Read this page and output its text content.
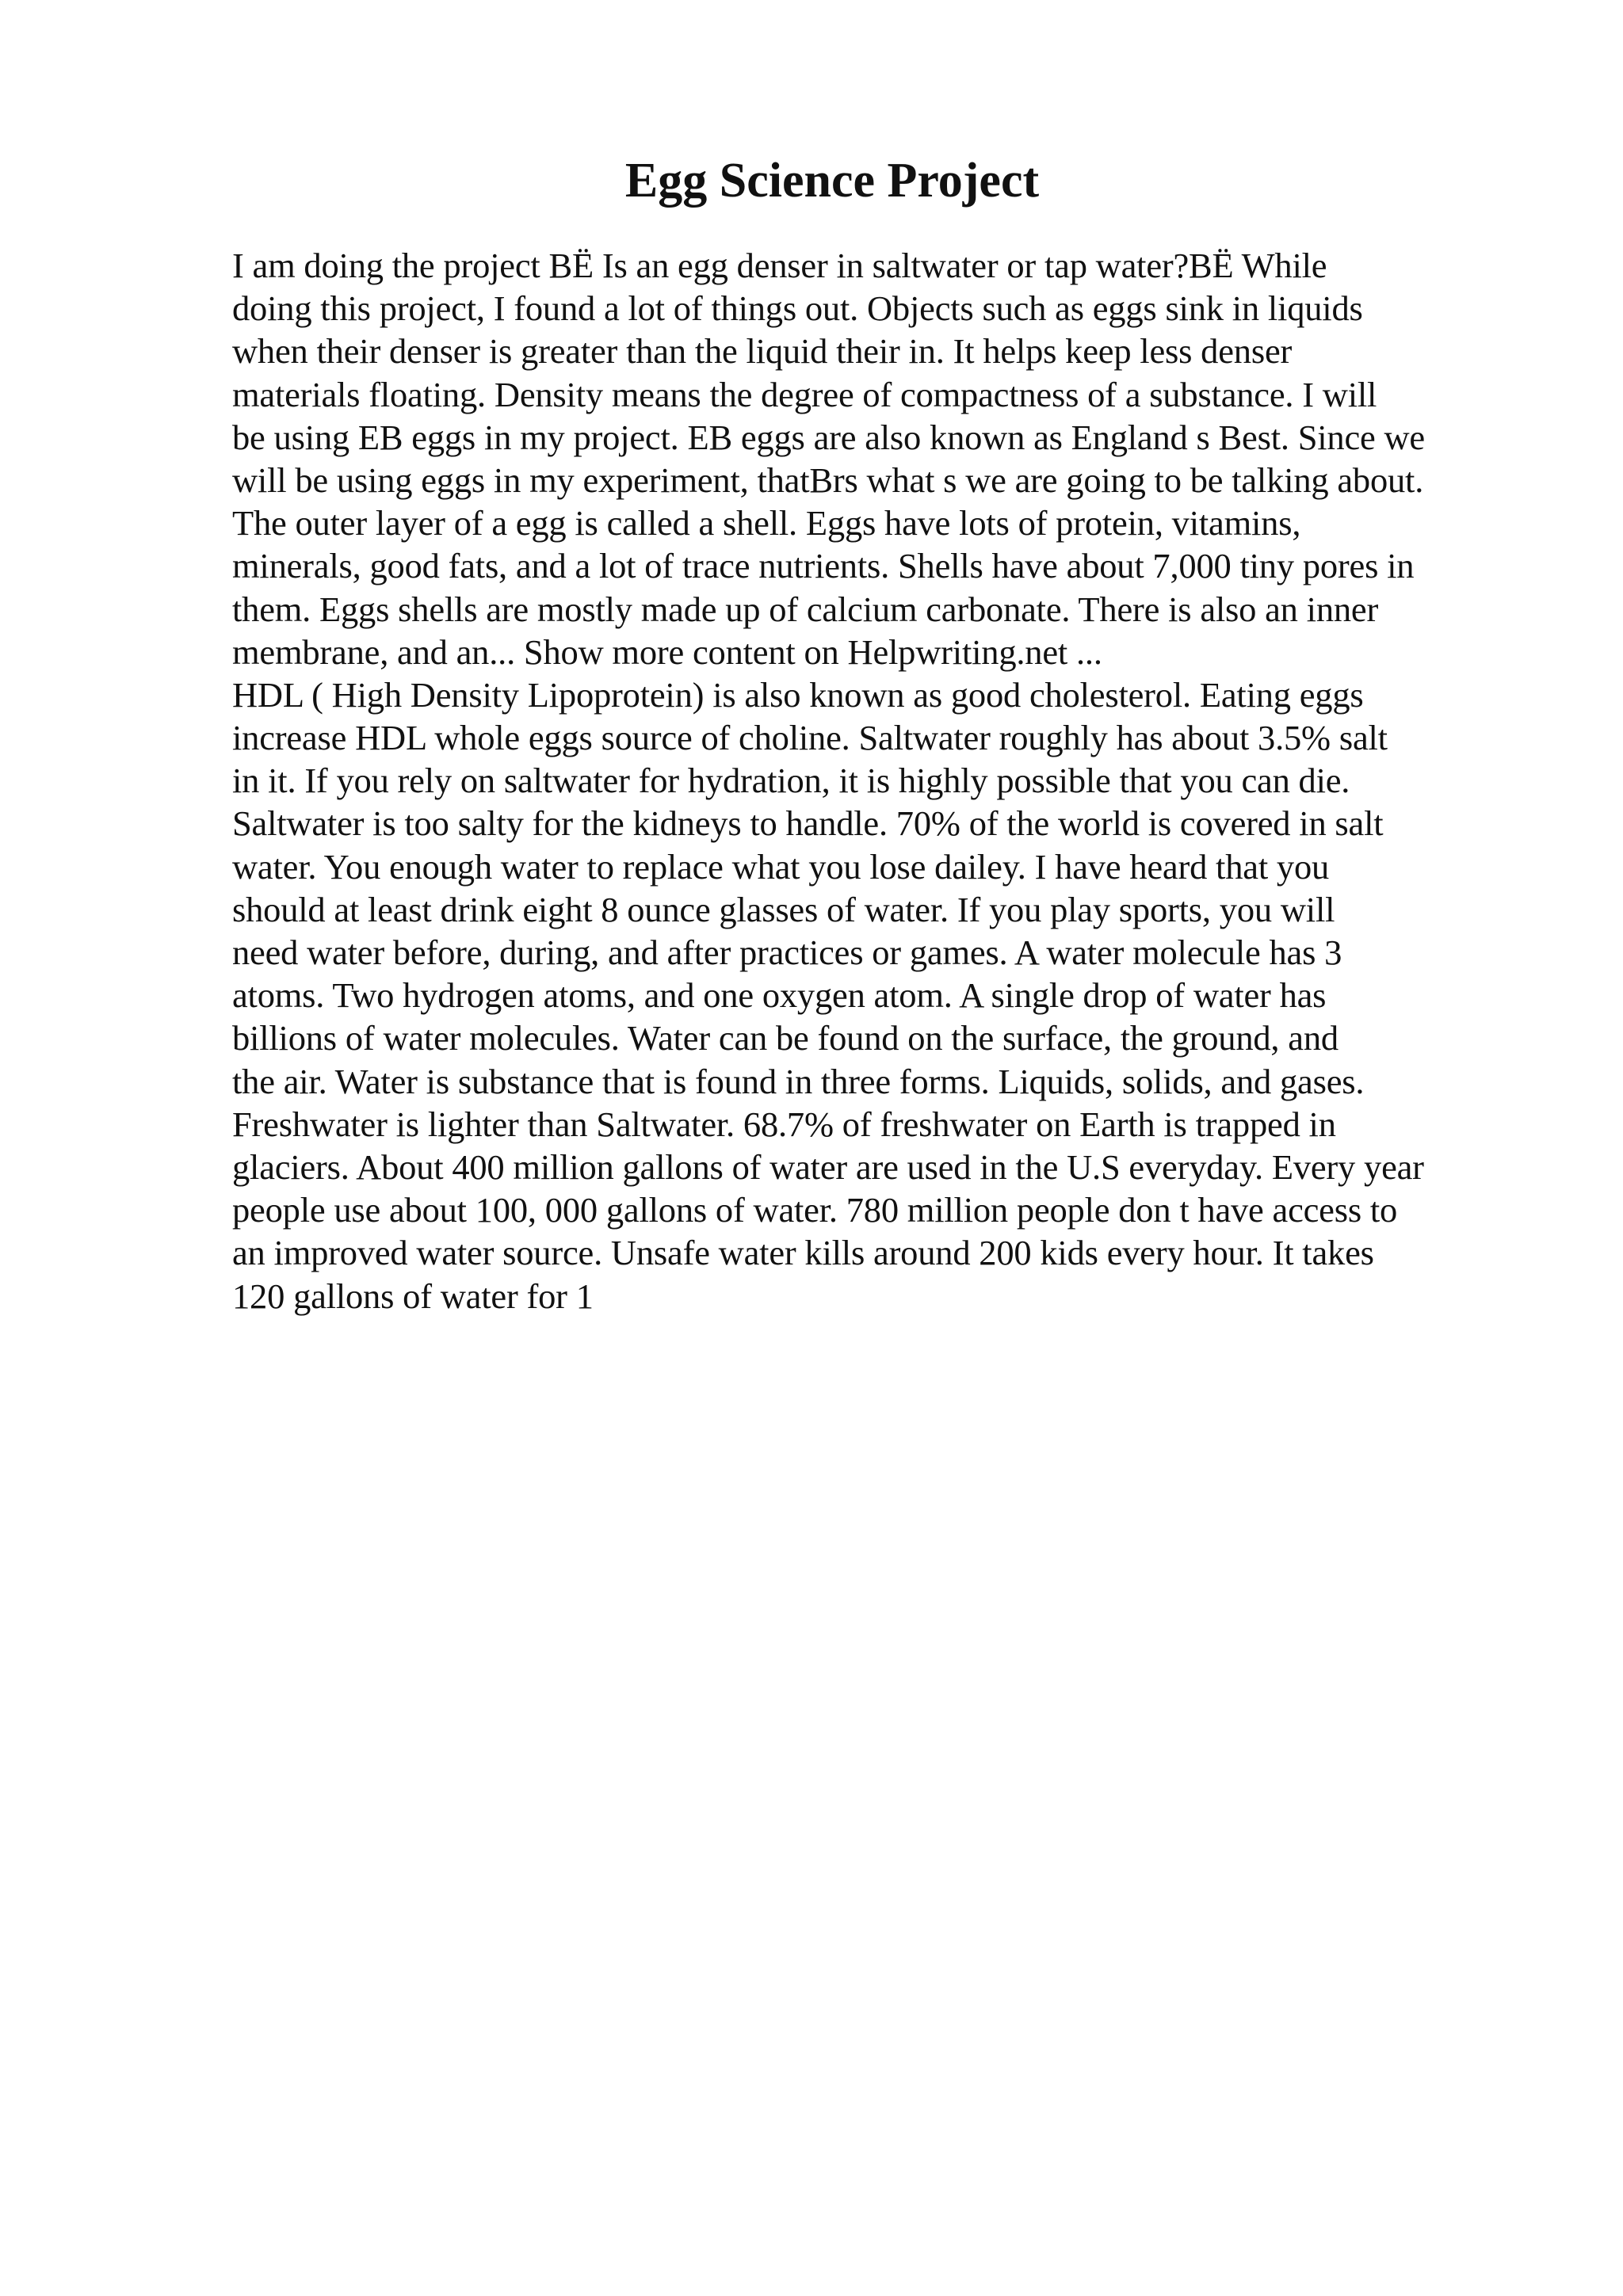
Egg Science Project
I am doing the project BË Is an egg denser in saltwater or tap water?BË While
doing this project, I found a lot of things out. Objects such as eggs sink in liquids
when their denser is greater than the liquid their in. It helps keep less denser
materials floating. Density means the degree of compactness of a substance. I will
be using EB eggs in my project. EB eggs are also known as England s Best. Since we
will be using eggs in my experiment, thatBrs what s we are going to be talking about.
The outer layer of a egg is called a shell. Eggs have lots of protein, vitamins,
minerals, good fats, and a lot of trace nutrients. Shells have about 7,000 tiny pores in
them. Eggs shells are mostly made up of calcium carbonate. There is also an inner
membrane, and an... Show more content on Helpwriting.net ...
HDL ( High Density Lipoprotein) is also known as good cholesterol. Eating eggs
increase HDL whole eggs source of choline. Saltwater roughly has about 3.5% salt
in it. If you rely on saltwater for hydration, it is highly possible that you can die.
Saltwater is too salty for the kidneys to handle. 70% of the world is covered in salt
water. You enough water to replace what you lose dailey. I have heard that you
should at least drink eight 8 ounce glasses of water. If you play sports, you will
need water before, during, and after practices or games. A water molecule has 3
atoms. Two hydrogen atoms, and one oxygen atom. A single drop of water has
billions of water molecules. Water can be found on the surface, the ground, and
the air. Water is substance that is found in three forms. Liquids, solids, and gases.
Freshwater is lighter than Saltwater. 68.7% of freshwater on Earth is trapped in
glaciers. About 400 million gallons of water are used in the U.S everyday. Every year
people use about 100, 000 gallons of water. 780 million people don t have access to
an improved water source. Unsafe water kills around 200 kids every hour. It takes
120 gallons of water for 1
